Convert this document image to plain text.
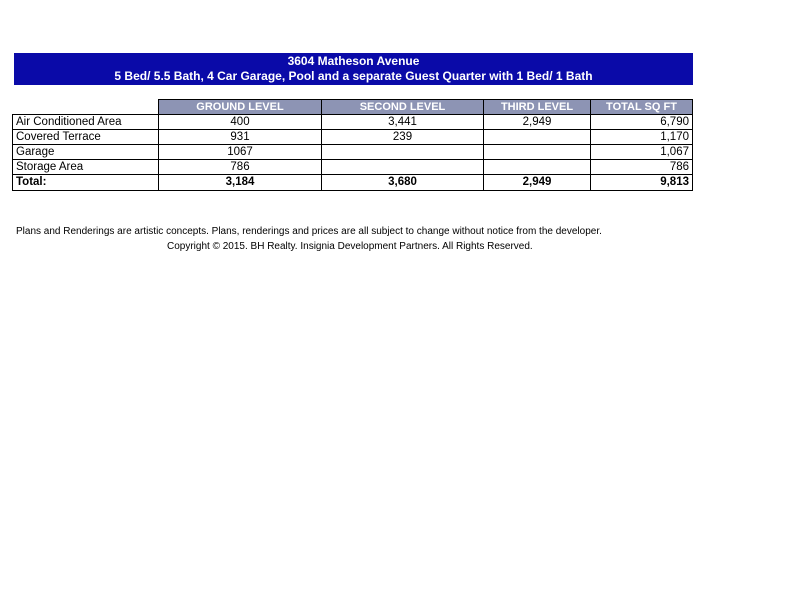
3604 Matheson Avenue
5 Bed/ 5.5 Bath, 4 Car Garage, Pool and a separate Guest Quarter with 1 Bed/ 1 Bath
	GROUND LEVEL	SECOND LEVEL	THIRD LEVEL	TOTAL SQ FT
Air Conditioned Area	400	3,441	2,949	6,790
Covered Terrace	931	239		1,170
Garage	1067			1,067
Storage Area	786			786
Total:	3,184	3,680	2,949	9,813
Plans and Renderings are artistic concepts. Plans, renderings and prices are all subject to change without notice from the developer.
Copyright © 2015. BH Realty. Insignia Development Partners. All Rights Reserved.
